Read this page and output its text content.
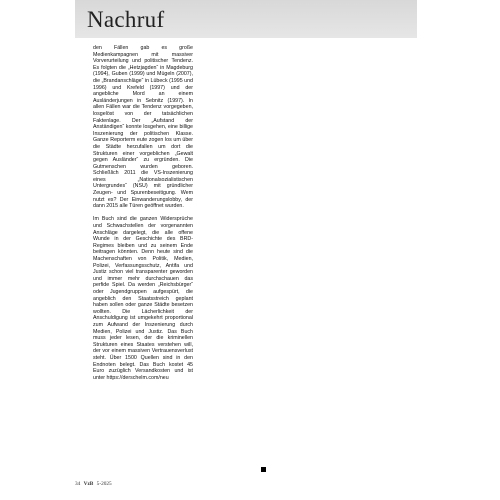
Nachruf

den Fällen gab es große Medienkampagnen mit massiver Vorverurteilung und politischer Tendenz. Es folgten die „Hetzjagden“ in Magdeburg (1994), Guben (1999) und Mügeln (2007), die „Brandanschläge“ in Lübeck (1995 und 1996) und Krefeld (1997) und der angebliche Mord an einem Ausländerjungen in Sebnitz (1997). In allen Fällen war die Tendenz vorgegeben, losgelöst von der tatsächlichen Faktenlage. Der „Aufstand der Anständigen“ konnte losgehen, eine billige Inszenierung der politischen Klasse. Ganze Reporterm eute zogen los um über die Städte herzufallen um dort die Strukturen einer vorgeblichen „Gewalt gegen Ausländer“ zu ergründen. Die Gutmenschen wurden geboren. Schließlich 2011 die VS-Inszenierung eines „Nationalsozialistischen Untergrundes“ (NSU) mit gründlicher Zeugen- und Spurenbeseitigung. Wem nutzt es? Der Einwanderungslobby, der dann 2015 alle Türen geöffnet wurden.

Im Buch sind die ganzen Widersprüche und Schwachstellen der vorgenannten Anschläge dargelegt, die alle offene Wunde in der Geschichte des BRD-Regimes bleiben und zu seinem Ende beitragen könnten. Denn heute sind die Machenschaften von Politik, Medien, Polizei, Verfassungsschutz, Antifa und Justiz schon viel transparenter geworden und immer mehr durchschauen das perfide Spiel. Da werden „Reichsbürger“ oder Jugendgruppen aufgespürt, die angeblich den Staatsstreich geplant haben sollen oder ganze Städte besetzen wollten. Die Lächerlichkeit der Anschuldigung ist umgekehrt proportional zum Aufwand der Inszenierung durch Medien, Polizei und Justiz. Das Buch muss jeder lesen, der die kriminellen Strukturen eines Staates verstehen will, der vor einem massiven Vertrauensverlust steht. Über 1500 Quellen sind in den Endnoten belegt. Das Buch kostet 45 Euro zuzüglich Versandkosten und ist unter https://derschelm.com/neu

34 VzB 5-2025
